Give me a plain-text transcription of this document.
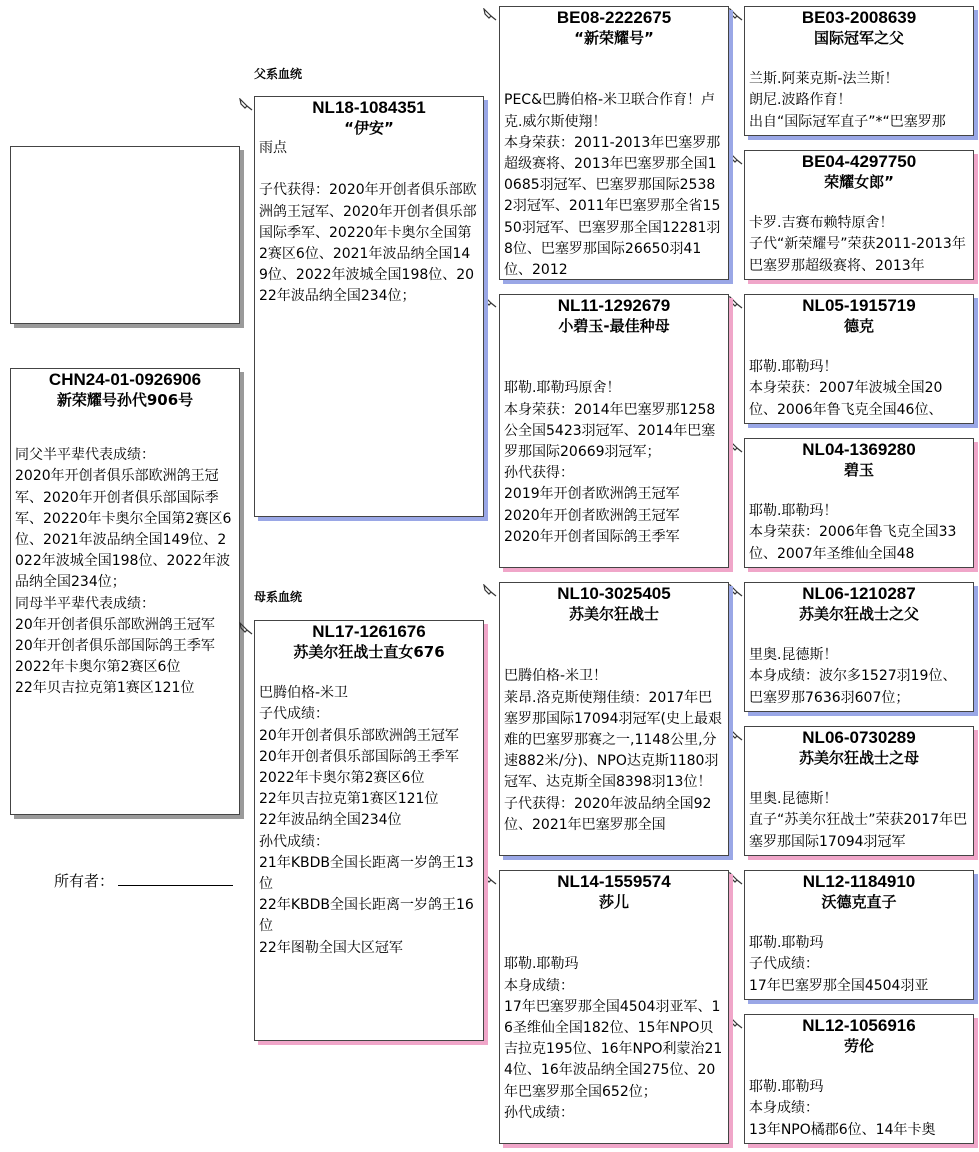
CHN24-01-0926906
新荣耀号孙代906号

同父半平辈代表成绩：
2020年开创者俱乐部欧洲鸽王冠军、2020年开创者俱乐部国际季军、20220年卡奥尔全国第2赛区6位、2021年波品纳全国149位、2022年波城全国198位、2022年波品纳全国234位；
同母半平辈代表成绩：
20年开创者俱乐部欧洲鸽王冠军
20年开创者俱乐部国际鸽王季军
2022年卡奥尔第2赛区6位
22年贝吉拉克第1赛区121位
所有者：
父系血统
母系血统
NL18-1084351
“伊安”
雨点

子代获得：2020年开创者俱乐部欧洲鸽王冠军、2020年开创者俱乐部国际季军、20220年卡奥尔全国第2赛区6位、2021年波品纳全国149位、2022年波城全国198位、2022年波品纳全国234位；
NL17-1261676
苏美尔狂战士直女676

巴腾伯格-米卫
子代成绩：
20年开创者俱乐部欧洲鸽王冠军
20年开创者俱乐部国际鸽王季军
2022年卡奥尔第2赛区6位
22年贝吉拉克第1赛区121位
22年波品纳全国234位
孙代成绩：
21年KBDB全国长距离一岁鸽王13位
22年KBDB全国长距离一岁鸽王16位
22年图勒全国大区冠军
BE08-2222675
“新荣耀号”

PEC&巴腾伯格-米卫联合作育！卢克.威尔斯使翔！
本身荣获：2011-2013年巴塞罗那超级赛将、2013年巴塞罗那全国10685羽冠军、巴塞罗那国际25382羽冠军、2011年巴塞罗那全省1550羽冠军、巴塞罗那全国12281羽8位、巴塞罗那国际26650羽41位、2012
NL11-1292679
小碧玉-最佳种母

耶勒.耶勒玛原舍！
本身荣获：2014年巴塞罗那1258公全国5423羽冠军、2014年巴塞罗那国际20669羽冠军；
孙代获得：
2019年开创者欧洲鸽王冠军
2020年开创者欧洲鸽王冠军
2020年开创者国际鸽王季军
NL10-3025405
苏美尔狂战士

巴腾伯格-米卫！
莱昂.洛克斯使翔佳绩：2017年巴塞罗那国际17094羽冠军(史上最艰难的巴塞罗那赛之一,1148公里,分速882米/分)、NPO达克斯1180羽冠军、达克斯全国8398羽13位！
子代获得：2020年波品纳全国92位、2021年巴塞罗那全国
NL14-1559574
莎儿

耶勒.耶勒玛
本身成绩：
17年巴塞罗那全国4504羽亚军、16圣维仙全国182位、15年NPO贝吉拉克195位、16年NPO利蒙治214位、16年波品纳全国275位、20年巴塞罗那全国652位；
孙代成绩：
BE03-2008639
国际冠军之父

兰斯.阿莱克斯-法兰斯！
朗尼.波路作育！
出自“国际冠军直子”*“巴塞罗那
BE04-4297750
荣耀女郎”

卡罗.吉赛布赖特原舍！
子代“新荣耀号”荣获2011-2013年巴塞罗那超级赛将、2013年
NL05-1915719
德克

耶勒.耶勒玛！
本身荣获：2007年波城全国20位、2006年鲁飞克全国46位、
NL04-1369280
碧玉

耶勒.耶勒玛！
本身荣获：2006年鲁飞克全国33位、2007年圣维仙全国48
NL06-1210287
苏美尔狂战士之父

里奥.昆德斯！
本身成绩：波尔多1527羽19位、巴塞罗那7636羽607位；
NL06-0730289
苏美尔狂战士之母

里奥.昆德斯！
直子“苏美尔狂战士”荣获2017年巴塞罗那国际17094羽冠军
NL12-1184910
沃德克直子

耶勒.耶勒玛
子代成绩：
17年巴塞罗那全国4504羽亚
NL12-1056916
劳伦

耶勒.耶勒玛
本身成绩：
13年NPO橘郡6位、14年卡奥
